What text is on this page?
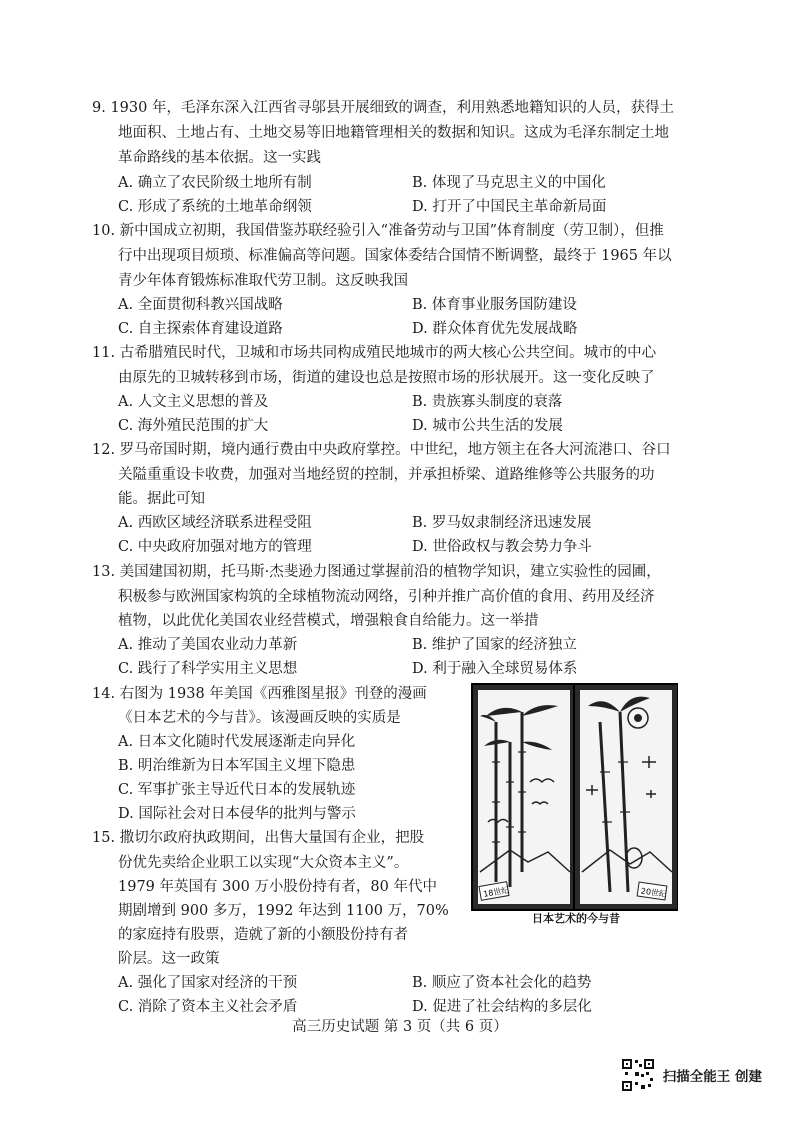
9. 1930 年，毛泽东深入江西省寻邬县开展细致的调查，利用熟悉地籍知识的人员，获得土
地面积、土地占有、土地交易等旧地籍管理相关的数据和知识。这成为毛泽东制定土地
革命路线的基本依据。这一实践
A. 确立了农民阶级土地所有制	B. 体现了马克思主义的中国化
C. 形成了系统的土地革命纲领	D. 打开了中国民主革命新局面
10. 新中国成立初期，我国借鉴苏联经验引入“准备劳动与卫国”体育制度（劳卫制），但推
行中出现项目烦琐、标准偏高等问题。国家体委结合国情不断调整，最终于 1965 年以
青少年体育锻炼标准取代劳卫制。这反映我国
A. 全面贯彻科教兴国战略	B. 体育事业服务国防建设
C. 自主探索体育建设道路	D. 群众体育优先发展战略
11. 古希腊殖民时代，卫城和市场共同构成殖民地城市的两大核心公共空间。城市的中心
由原先的卫城转移到市场，街道的建设也总是按照市场的形状展开。这一变化反映了
A. 人文主义思想的普及	B. 贵族寡头制度的衰落
C. 海外殖民范围的扩大	D. 城市公共生活的发展
12. 罗马帝国时期，境内通行费由中央政府掌控。中世纪，地方领主在各大河流港口、谷口
关隘重重设卡收费，加强对当地经贸的控制，并承担桥梁、道路维修等公共服务的功
能。据此可知
A. 西欧区域经济联系进程受阻	B. 罗马奴隶制经济迅速发展
C. 中央政府加强对地方的管理	D. 世俗政权与教会势力争斗
13. 美国建国初期，托马斯·杰斐逊力图通过掌握前沿的植物学知识，建立实验性的园圃，
积极参与欧洲国家构筑的全球植物流动网络，引种并推广高价值的食用、药用及经济
植物，以此优化美国农业经营模式，增强粮食自给能力。这一举措
A. 推动了美国农业动力革新	B. 维护了国家的经济独立
C. 践行了科学实用主义思想	D. 利于融入全球贸易体系
14. 右图为 1938 年美国《西雅图星报》刊登的漫画
《日本艺术的今与昔》。该漫画反映的实质是
A. 日本文化随时代发展逐渐走向异化
B. 明治维新为日本军国主义埋下隐患
C. 军事扩张主导近代日本的发展轨迹
D. 国际社会对日本侵华的批判与警示
15. 撒切尔政府执政期间，出售大量国有企业，把股
份优先卖给企业职工以实现“大众资本主义”。
1979 年英国有 300 万小股份持有者，80 年代中
期剧增到 900 多万，1992 年达到 1100 万，70%
的家庭持有股票，造就了新的小额股份持有者
阶层。这一政策
A. 强化了国家对经济的干预	B. 顺应了资本社会化的趋势
C. 消除了资本主义社会矛盾	D. 促进了社会结构的多层化
18世纪	20世纪
日本艺术的今与昔
高三历史试题 第 3 页（共 6 页）
扫描全能王 创建
